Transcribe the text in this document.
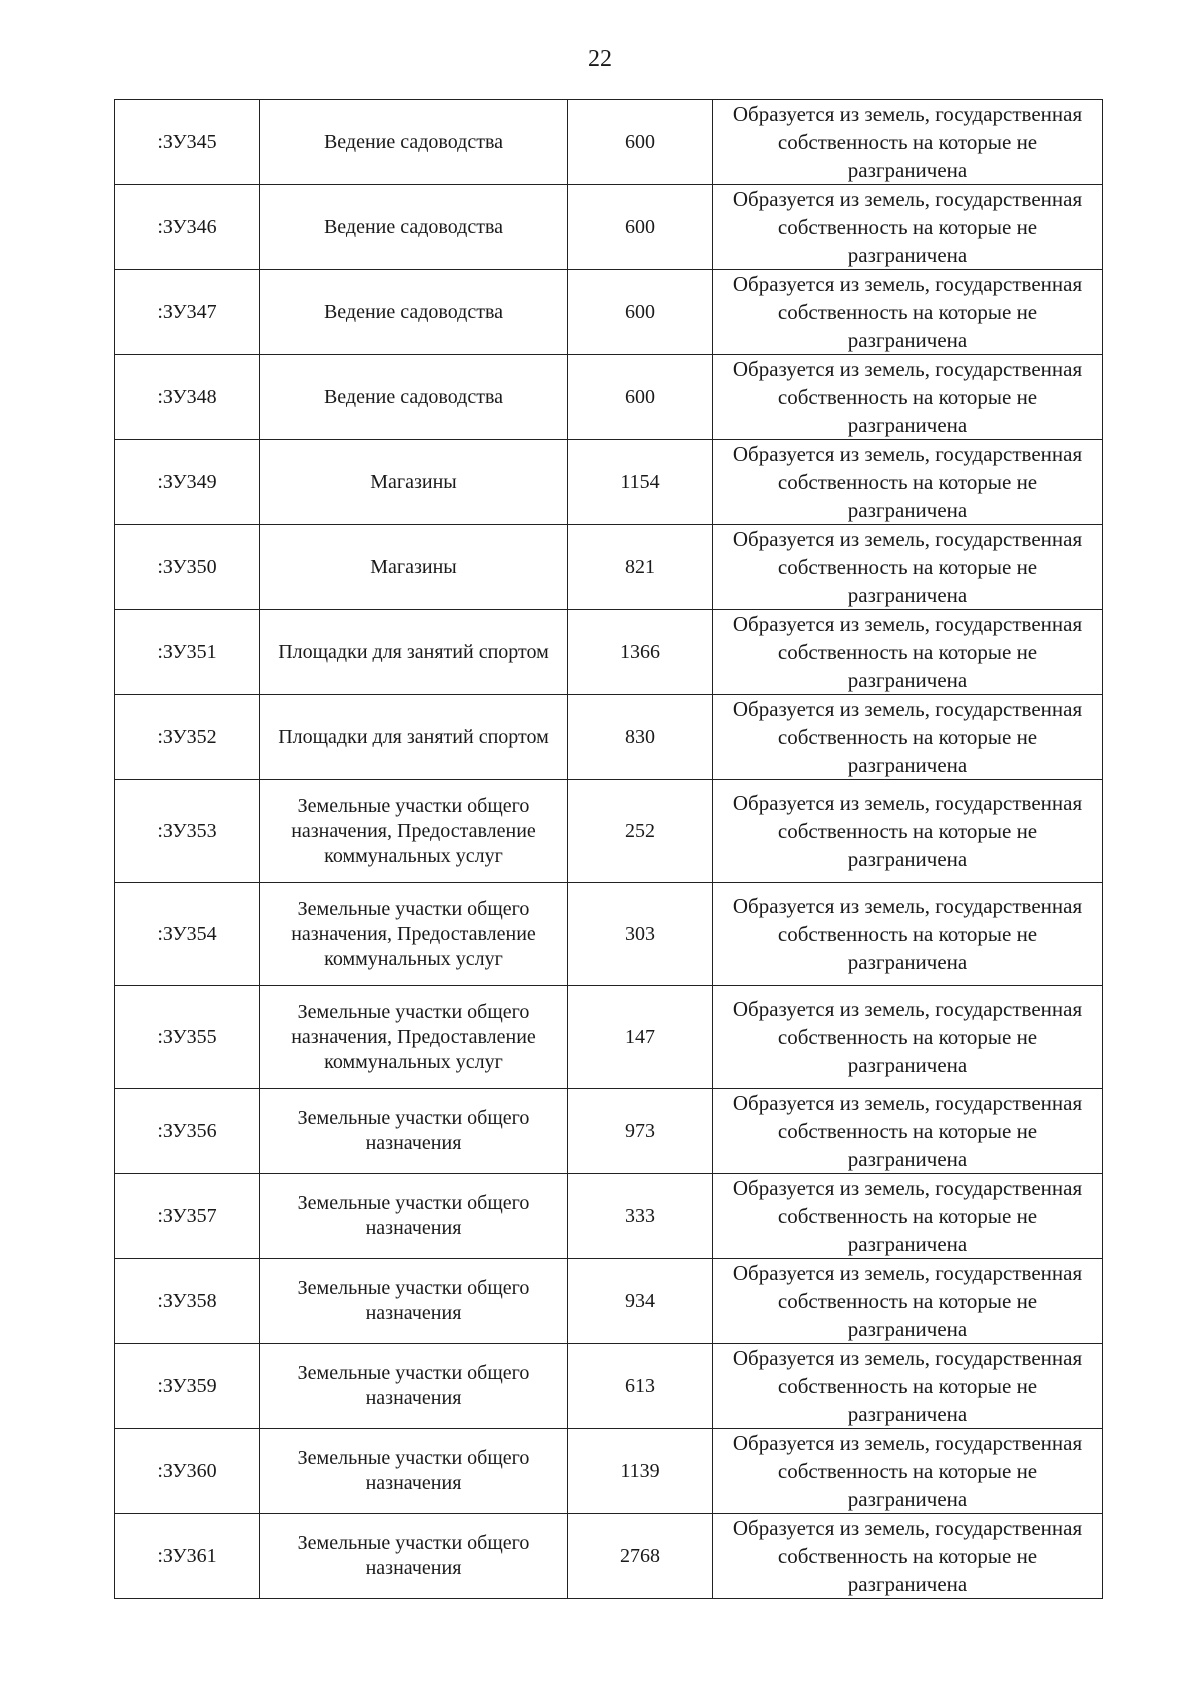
22
:ЗУ345	Ведение садоводства	600	Образуется из земель, государственная собственность на которые не разграничена
:ЗУ346	Ведение садоводства	600	Образуется из земель, государственная собственность на которые не разграничена
:ЗУ347	Ведение садоводства	600	Образуется из земель, государственная собственность на которые не разграничена
:ЗУ348	Ведение садоводства	600	Образуется из земель, государственная собственность на которые не разграничена
:ЗУ349	Магазины	1154	Образуется из земель, государственная собственность на которые не разграничена
:ЗУ350	Магазины	821	Образуется из земель, государственная собственность на которые не разграничена
:ЗУ351	Площадки для занятий спортом	1366	Образуется из земель, государственная собственность на которые не разграничена
:ЗУ352	Площадки для занятий спортом	830	Образуется из земель, государственная собственность на которые не разграничена
:ЗУ353	Земельные участки общего назначения, Предоставление коммунальных услуг	252	Образуется из земель, государственная собственность на которые не разграничена
:ЗУ354	Земельные участки общего назначения, Предоставление коммунальных услуг	303	Образуется из земель, государственная собственность на которые не разграничена
:ЗУ355	Земельные участки общего назначения, Предоставление коммунальных услуг	147	Образуется из земель, государственная собственность на которые не разграничена
:ЗУ356	Земельные участки общего назначения	973	Образуется из земель, государственная собственность на которые не разграничена
:ЗУ357	Земельные участки общего назначения	333	Образуется из земель, государственная собственность на которые не разграничена
:ЗУ358	Земельные участки общего назначения	934	Образуется из земель, государственная собственность на которые не разграничена
:ЗУ359	Земельные участки общего назначения	613	Образуется из земель, государственная собственность на которые не разграничена
:ЗУ360	Земельные участки общего назначения	1139	Образуется из земель, государственная собственность на которые не разграничена
:ЗУ361	Земельные участки общего назначения	2768	Образуется из земель, государственная собственность на которые не разграничена
